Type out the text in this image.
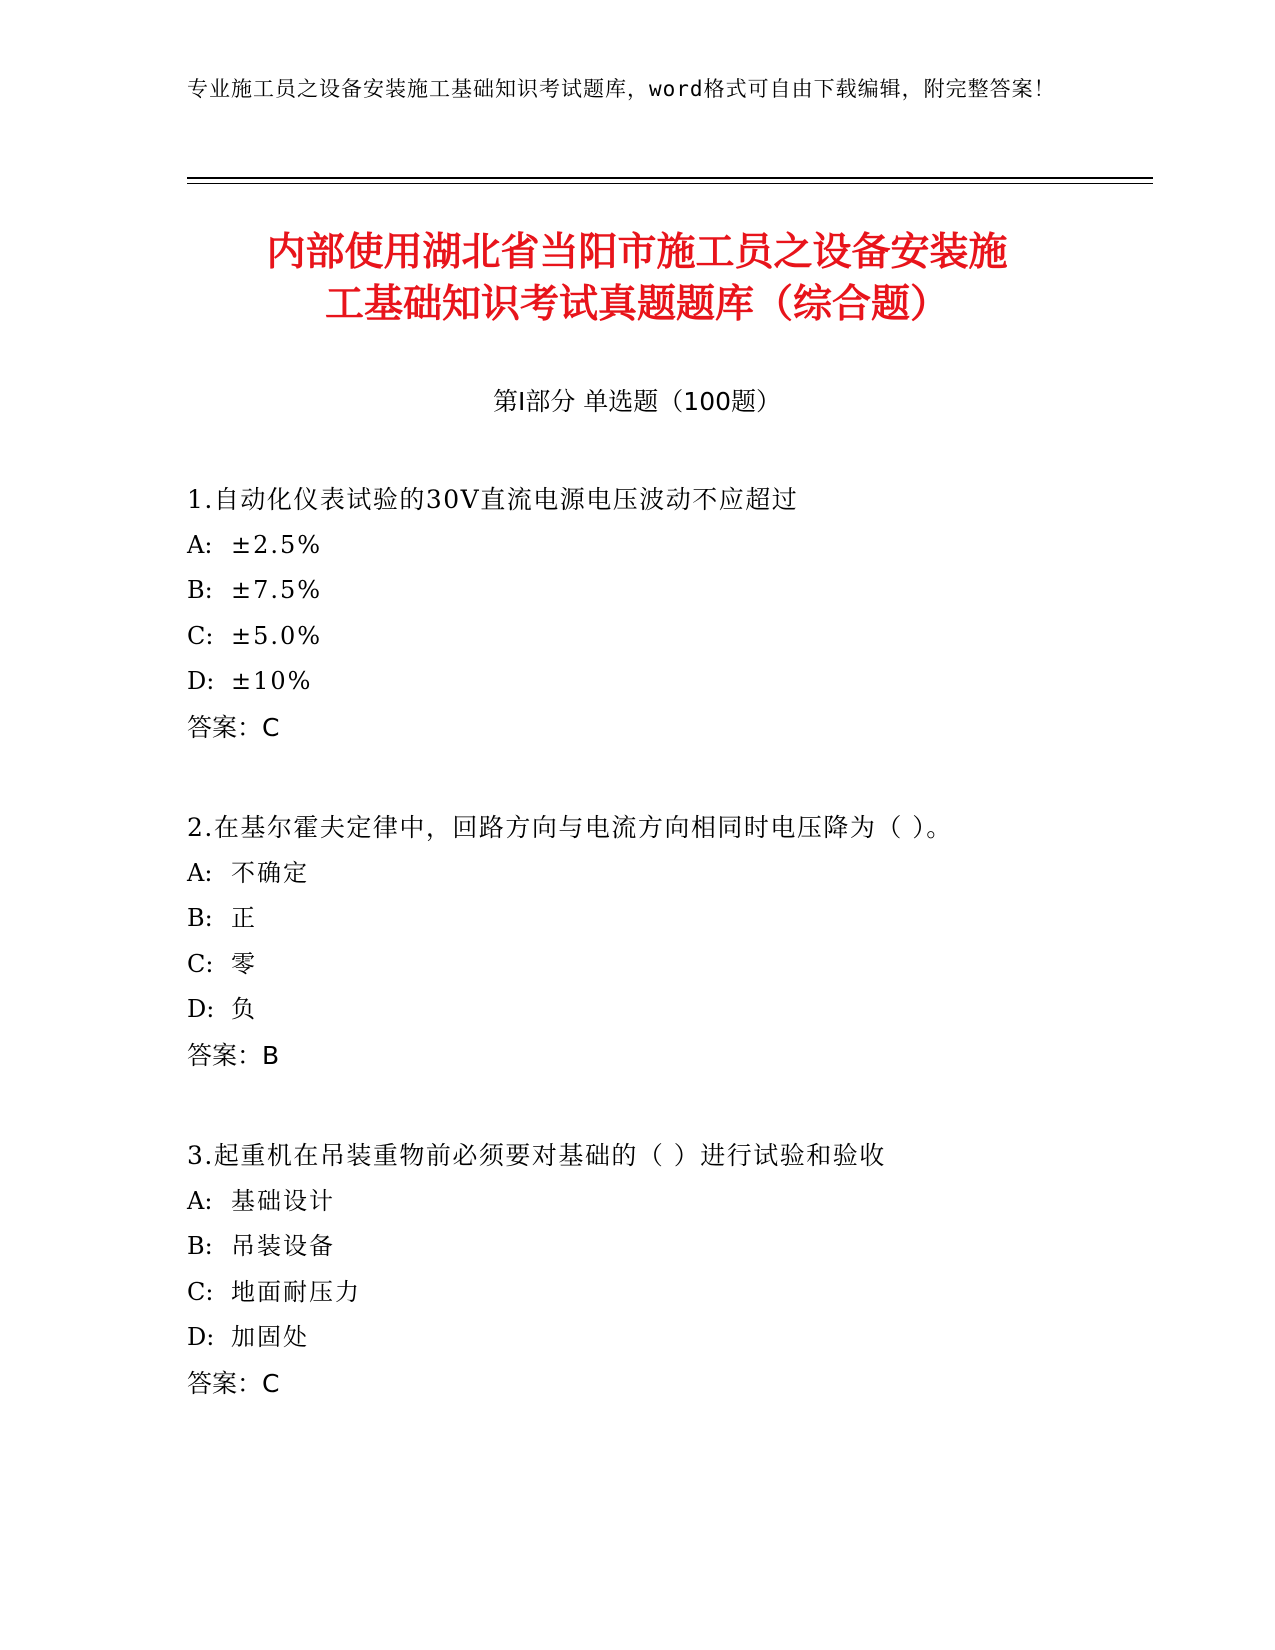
专业施工员之设备安装施工基础知识考试题库，word格式可自由下载编辑，附完整答案！
内部使用湖北省当阳市施工员之设备安装施
工基础知识考试真题题库（综合题）
第Ⅰ部分 单选题（100题）
1.自动化仪表试验的30V直流电源电压波动不应超过
A: ±2.5%
B: ±7.5%
C: ±5.0%
D: ±10%
答案：C
2.在基尔霍夫定律中，回路方向与电流方向相同时电压降为（ ）。
A: 不确定
B: 正
C: 零
D: 负
答案：B
3.起重机在吊装重物前必须要对基础的（ ）进行试验和验收
A: 基础设计
B: 吊装设备
C: 地面耐压力
D: 加固处
答案：C
